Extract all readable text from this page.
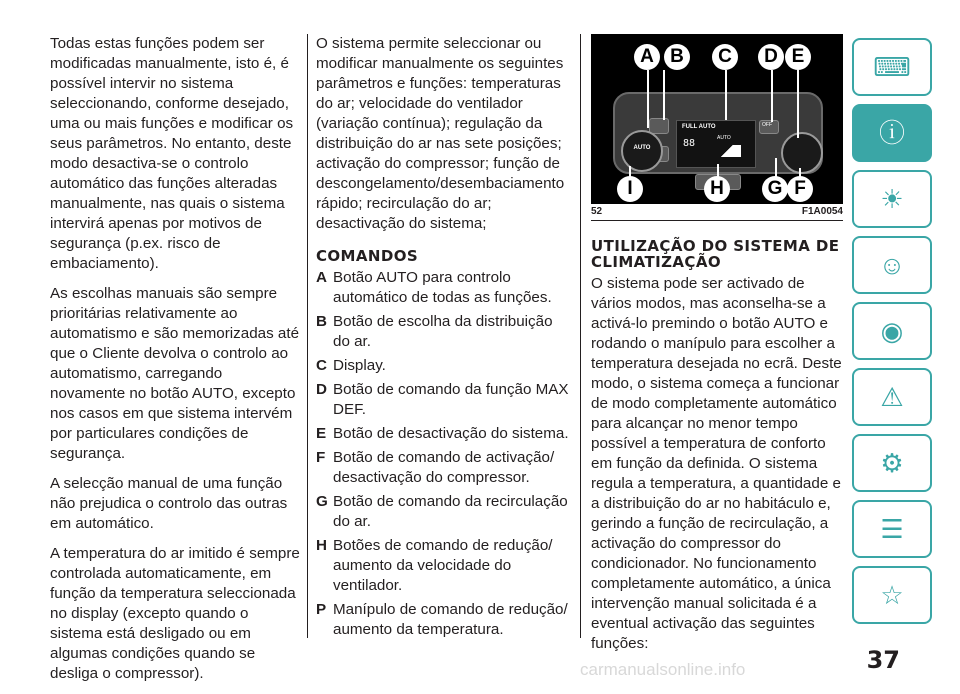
Todas estas funções podem ser modificadas manualmente, isto é, é possível intervir no sistema seleccionando, conforme desejado, uma ou mais funções e modificar os seus parâmetros. No entanto, deste modo desactiva-se o controlo automático das funções alteradas manualmente, nas quais o sistema intervirá apenas por motivos de segurança (p.ex. risco de embaciamento).

As escolhas manuais são sempre prioritárias relativamente ao automatismo e são memorizadas até que o Cliente devolva o controlo ao automatismo, carregando novamente no botão AUTO, excepto nos casos em que sistema intervém por particulares condições de segurança.

A selecção manual de uma função não prejudica o controlo das outras em automático.

A temperatura do ar imitido é sempre controlada automaticamente, em função da temperatura seleccionada no display (excepto quando o sistema está desligado ou em algumas condições quando se desliga o compressor).

O sistema permite seleccionar ou modificar manualmente os seguintes parâmetros e funções: temperaturas do ar; velocidade do ventilador (variação contínua); regulação da distribuição do ar nas sete posições; activação do compressor; função de descongelamento/desembaciamento rápido; recirculação do ar; desactivação do sistema;

COMANDOS
A Botão AUTO para controlo automático de todas as funções.
B Botão de escolha da distribuição do ar.
C Display.
D Botão de comando da função MAX DEF.
E Botão de desactivação do sistema.
F Botão de comando de activação/ desactivação do compressor.
G Botão de comando da recirculação do ar.
H Botões de comando de redução/ aumento da velocidade do ventilador.
P Manípulo de comando de redução/ aumento da temperatura.
OFF
AUTO
FULL AUTO
88	AUTO
A B	C	D E
I	H	G F
52	F1A0054
UTILIZAÇÃO DO SISTEMA DE CLIMATIZAÇÃO

O sistema pode ser activado de vários modos, mas aconselha-se a activá-lo premindo o botão AUTO e rodando o manípulo para escolher a temperatura desejada no ecrã. Deste modo, o sistema começa a funcionar de modo completamente automático para alcançar no menor tempo possível a temperatura de conforto em função da definida. O sistema regula a temperatura, a quantidade e a distribuição do ar no habitáculo e, gerindo a função de recirculação, a activação do compressor do condicionador. No funcionamento completamente automático, a única intervenção manual solicitada é a eventual activação das seguintes funções:

⌨
ⓘ
☀
☺
◉
⚠
⚙
☰
☆
37
carmanualsonline.info
